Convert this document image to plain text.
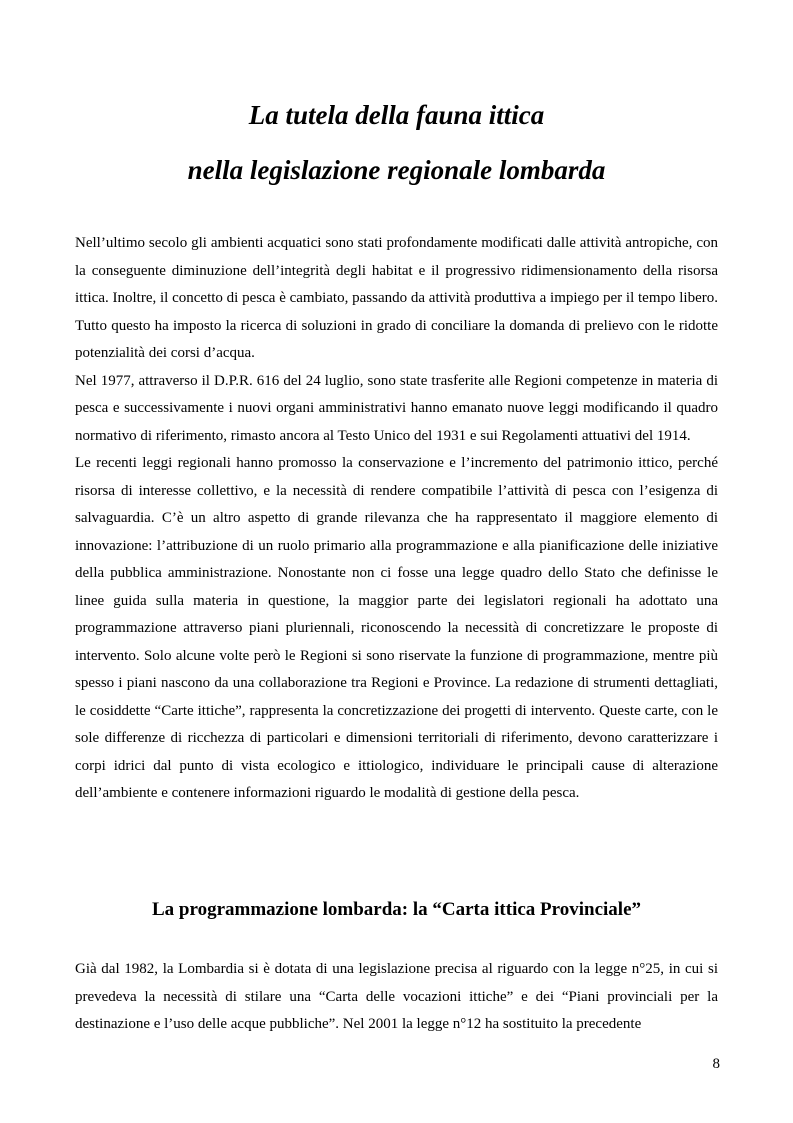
La tutela della fauna ittica
nella legislazione regionale lombarda

Nell’ultimo secolo gli ambienti acquatici sono stati profondamente modificati dalle attività antropiche, con la conseguente diminuzione dell’integrità degli habitat e il progressivo ridimensionamento della risorsa ittica. Inoltre, il concetto di pesca è cambiato, passando da attività produttiva a impiego per il tempo libero. Tutto questo ha imposto la ricerca di soluzioni in grado di conciliare la domanda di prelievo con le ridotte potenzialità dei corsi d’acqua.

Nel 1977, attraverso il D.P.R. 616 del 24 luglio, sono state trasferite alle Regioni competenze in materia di pesca e successivamente i nuovi organi amministrativi hanno emanato nuove leggi modificando il quadro normativo di riferimento, rimasto ancora al Testo Unico del 1931 e sui Regolamenti attuativi del 1914.

Le recenti leggi regionali hanno promosso la conservazione e l’incremento del patrimonio ittico, perché risorsa di interesse collettivo, e la necessità di rendere compatibile l’attività di pesca con l’esigenza di salvaguardia. C’è un altro aspetto di grande rilevanza che ha rappresentato il maggiore elemento di innovazione: l’attribuzione di un ruolo primario alla programmazione e alla pianificazione delle iniziative della pubblica amministrazione. Nonostante non ci fosse una legge quadro dello Stato che definisse le linee guida sulla materia in questione, la maggior parte dei legislatori regionali ha adottato una programmazione attraverso piani pluriennali, riconoscendo la necessità di concretizzare le proposte di intervento. Solo alcune volte però le Regioni si sono riservate la funzione di programmazione, mentre più spesso i piani nascono da una collaborazione tra Regioni e Province. La redazione di strumenti dettagliati, le cosiddette “Carte ittiche”, rappresenta la concretizzazione dei progetti di intervento. Queste carte, con le sole differenze di ricchezza di particolari e dimensioni territoriali di riferimento, devono caratterizzare i corpi idrici dal punto di vista ecologico e ittiologico, individuare le principali cause di alterazione dell’ambiente e contenere informazioni riguardo le modalità di gestione della pesca.

La programmazione lombarda: la “Carta ittica Provinciale”

Già dal 1982, la Lombardia si è dotata di una legislazione precisa al riguardo con la legge n°25, in cui si prevedeva la necessità di stilare una “Carta delle vocazioni ittiche” e dei “Piani provinciali per la destinazione e l’uso delle acque pubbliche”. Nel 2001 la legge n°12 ha sostituito la precedente

8
